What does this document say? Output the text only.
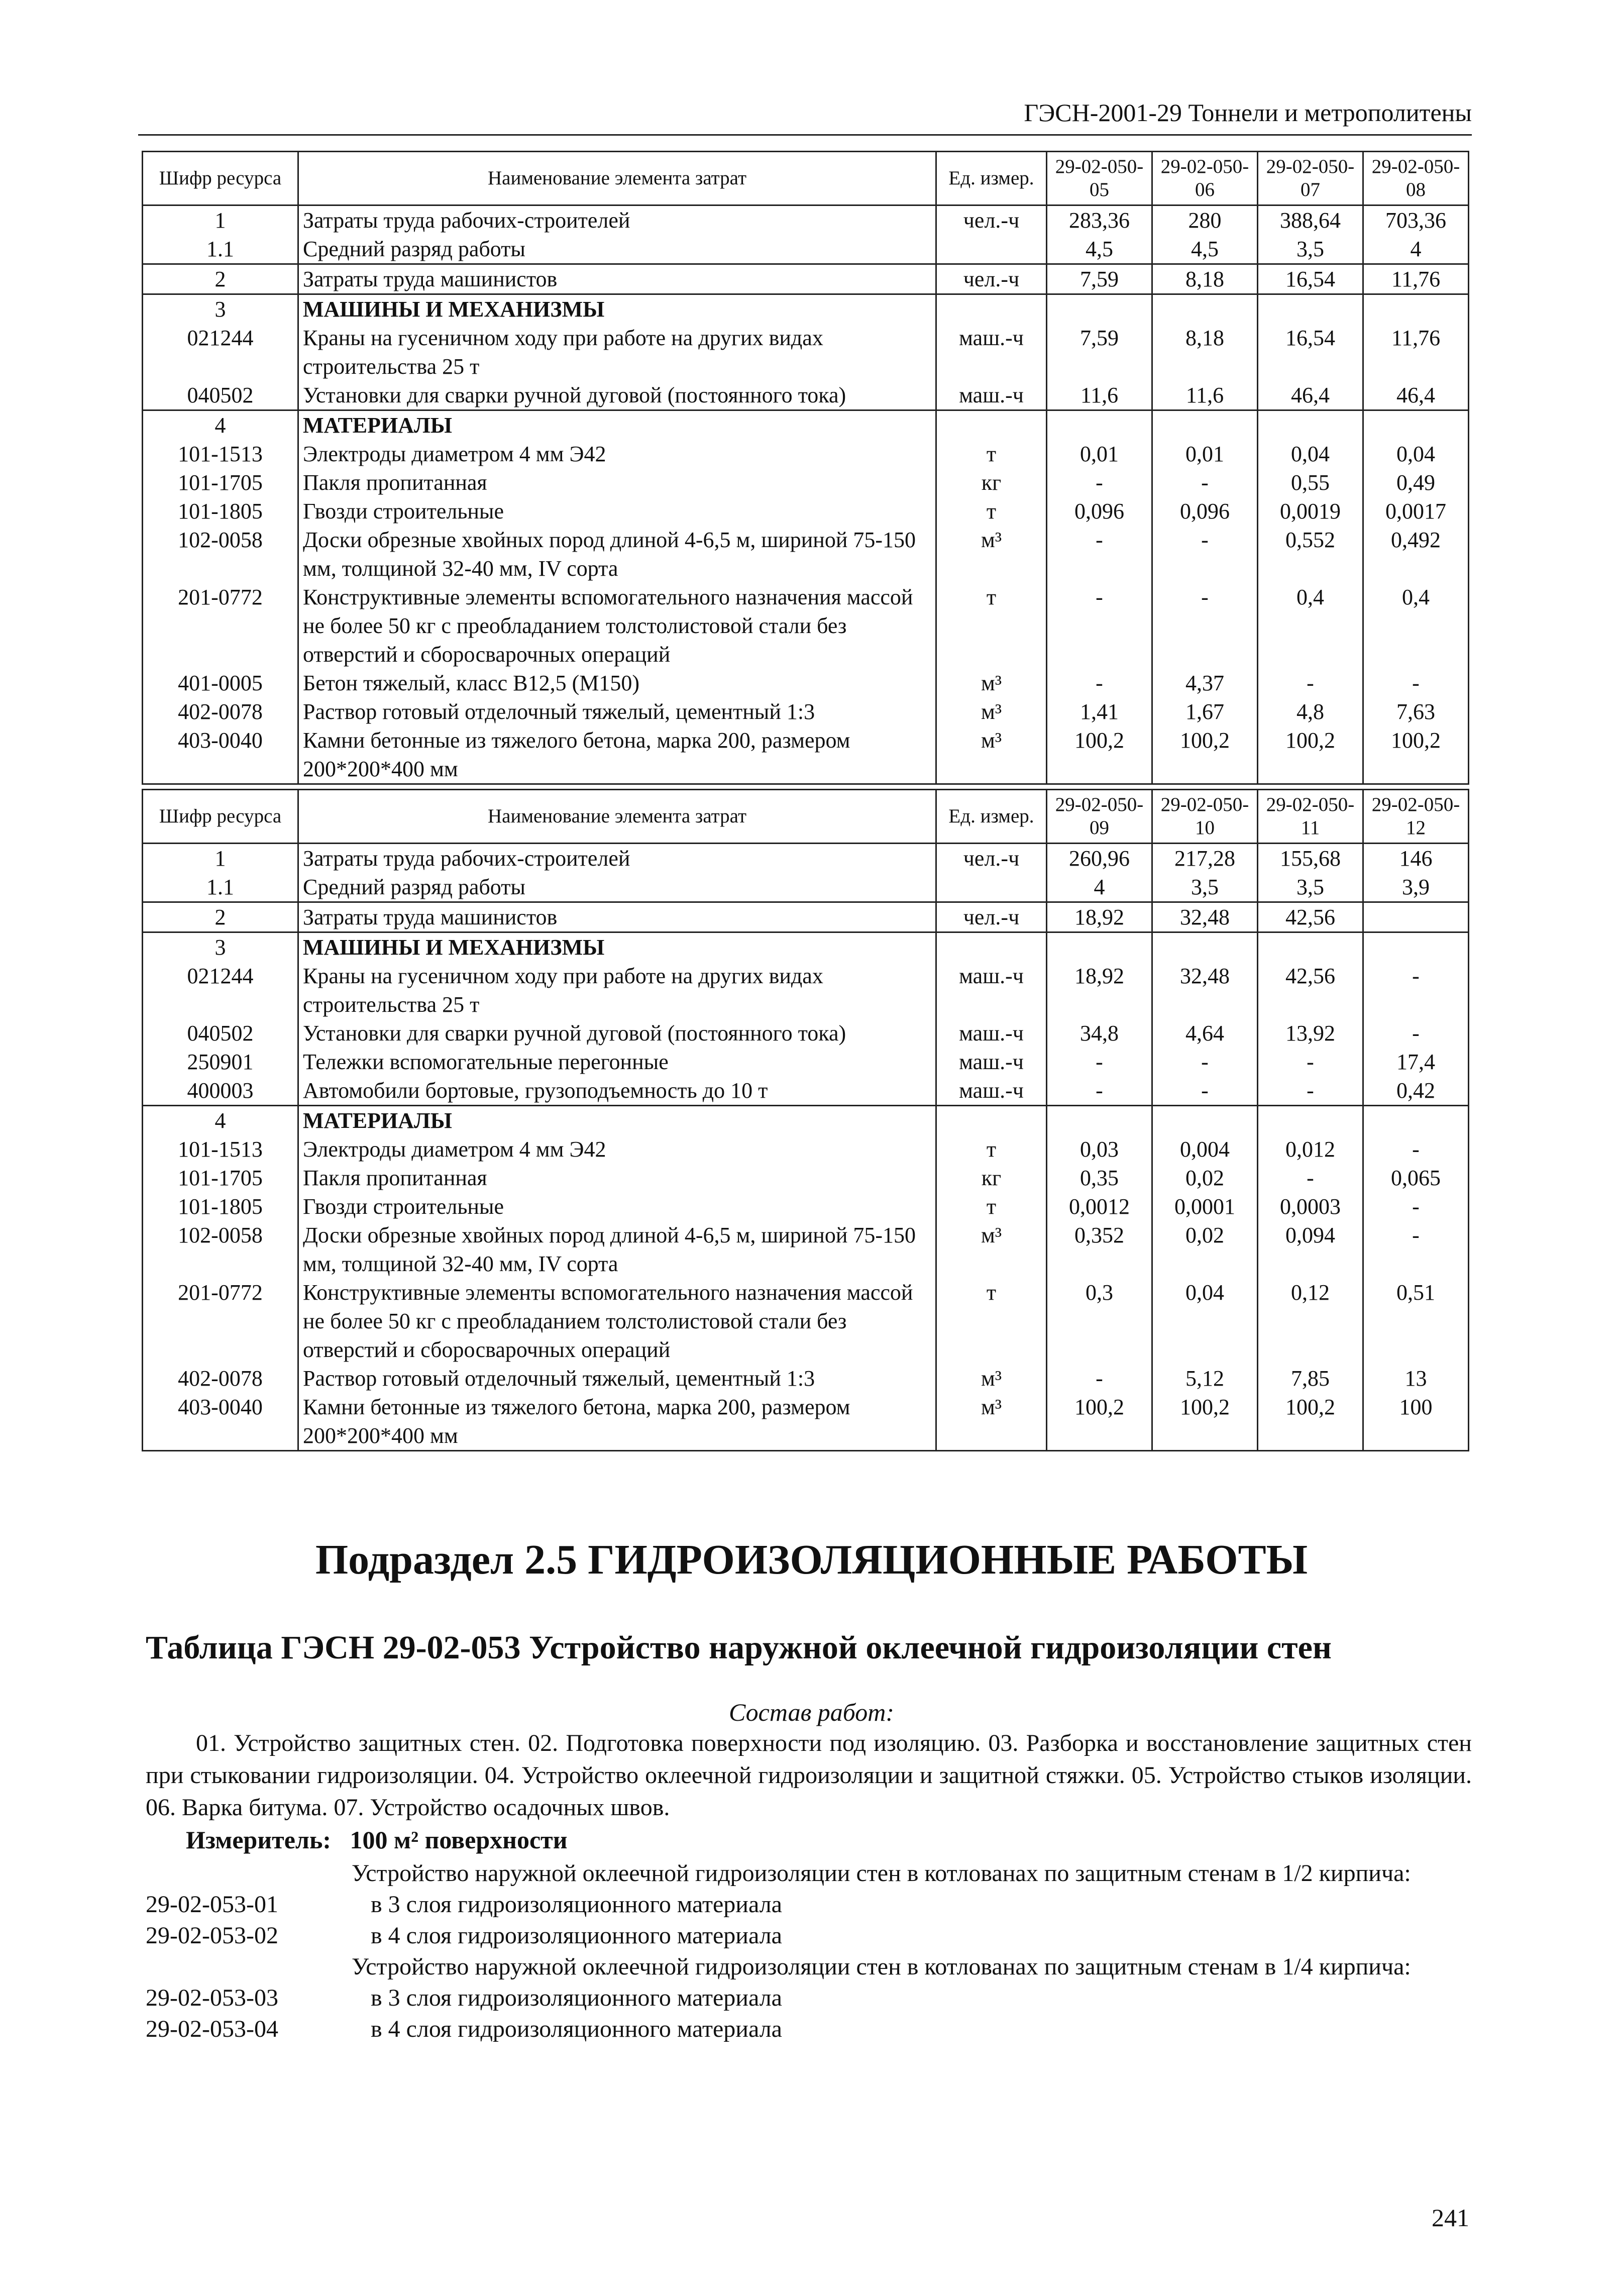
ГЭСН-2001-29 Тоннели и метрополитены
Шифр ресурса	Наименование элемента затрат	Ед. измер.	29-02-050-05	29-02-050-06	29-02-050-07	29-02-050-08
1	Затраты труда рабочих-строителей	чел.-ч	283,36	280	388,64	703,36
1.1	Средний разряд работы		4,5	4,5	3,5	4
2	Затраты труда машинистов	чел.-ч	7,59	8,18	16,54	11,76
3	МАШИНЫ И МЕХАНИЗМЫ					
021244	Краны на гусеничном ходу при работе на других видах строительства 25 т	маш.-ч	7,59	8,18	16,54	11,76
040502	Установки для сварки ручной дуговой (постоянного тока)	маш.-ч	11,6	11,6	46,4	46,4
4	МАТЕРИАЛЫ					
101-1513	Электроды диаметром 4 мм Э42	т	0,01	0,01	0,04	0,04
101-1705	Пакля пропитанная	кг	-	-	0,55	0,49
101-1805	Гвозди строительные	т	0,096	0,096	0,0019	0,0017
102-0058	Доски обрезные хвойных пород длиной 4-6,5 м, шириной 75-150 мм, толщиной 32-40 мм, IV сорта	м³	-	-	0,552	0,492
201-0772	Конструктивные элементы вспомогательного назначения массой не более 50 кг с преобладанием толстолистовой стали без отверстий и сборосварочных операций	т	-	-	0,4	0,4
401-0005	Бетон тяжелый, класс В12,5 (М150)	м³	-	4,37	-	-
402-0078	Раствор готовый отделочный тяжелый, цементный 1:3	м³	1,41	1,67	4,8	7,63
403-0040	Камни бетонные из тяжелого бетона, марка 200, размером 200*200*400 мм	м³	100,2	100,2	100,2	100,2
Шифр ресурса	Наименование элемента затрат	Ед. измер.	29-02-050-09	29-02-050-10	29-02-050-11	29-02-050-12
1	Затраты труда рабочих-строителей	чел.-ч	260,96	217,28	155,68	146
1.1	Средний разряд работы		4	3,5	3,5	3,9
2	Затраты труда машинистов	чел.-ч	18,92	32,48	42,56	
3	МАШИНЫ И МЕХАНИЗМЫ					
021244	Краны на гусеничном ходу при работе на других видах строительства 25 т	маш.-ч	18,92	32,48	42,56	-
040502	Установки для сварки ручной дуговой (постоянного тока)	маш.-ч	34,8	4,64	13,92	-
250901	Тележки вспомогательные перегонные	маш.-ч	-	-	-	17,4
400003	Автомобили бортовые, грузоподъемность до 10 т	маш.-ч	-	-	-	0,42
4	МАТЕРИАЛЫ					
101-1513	Электроды диаметром 4 мм Э42	т	0,03	0,004	0,012	-
101-1705	Пакля пропитанная	кг	0,35	0,02	-	0,065
101-1805	Гвозди строительные	т	0,0012	0,0001	0,0003	-
102-0058	Доски обрезные хвойных пород длиной 4-6,5 м, шириной 75-150 мм, толщиной 32-40 мм, IV сорта	м³	0,352	0,02	0,094	-
201-0772	Конструктивные элементы вспомогательного назначения массой не более 50 кг с преобладанием толстолистовой стали без отверстий и сборосварочных операций	т	0,3	0,04	0,12	0,51
402-0078	Раствор готовый отделочный тяжелый, цементный 1:3	м³	-	5,12	7,85	13
403-0040	Камни бетонные из тяжелого бетона, марка 200, размером 200*200*400 мм	м³	100,2	100,2	100,2	100
Подраздел 2.5 ГИДРОИЗОЛЯЦИОННЫЕ РАБОТЫ
Таблица ГЭСН 29-02-053 Устройство наружной оклеечной гидроизоляции стен
Состав работ:
01. Устройство защитных стен. 02. Подготовка поверхности под изоляцию. 03. Разборка и восстановление защитных стен при стыковании гидроизоляции. 04. Устройство оклеечной гидроизоляции и защитной стяжки. 05. Устройство стыков изоляции. 06. Варка битума. 07. Устройство осадочных швов.
Измеритель: 100 м² поверхности
Устройство наружной оклеечной гидроизоляции стен в котлованах по защитным стенам в 1/2 кирпича:
29-02-053-01	в 3 слоя гидроизоляционного материала
29-02-053-02	в 4 слоя гидроизоляционного материала
Устройство наружной оклеечной гидроизоляции стен в котлованах по защитным стенам в 1/4 кирпича:
29-02-053-03	в 3 слоя гидроизоляционного материала
29-02-053-04	в 4 слоя гидроизоляционного материала
241
